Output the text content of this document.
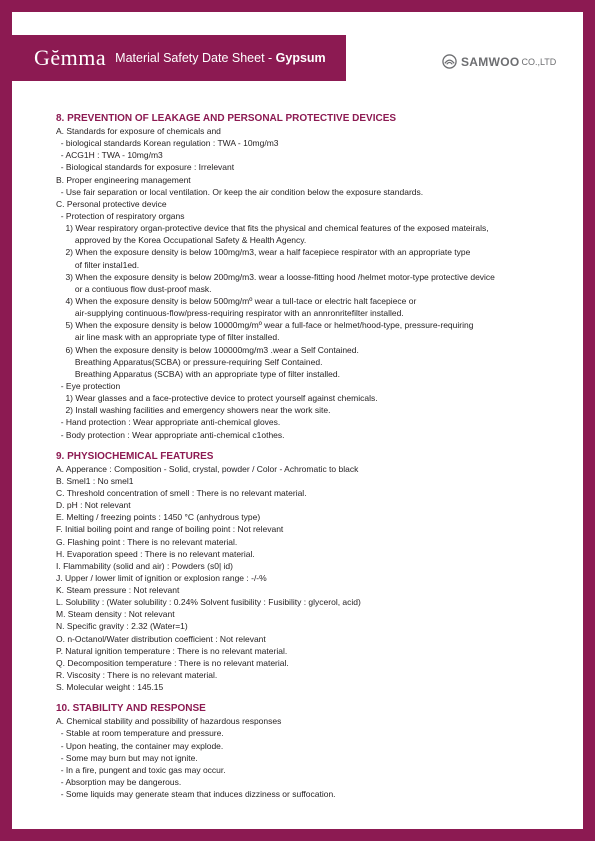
Gĕmma Material Safety Date Sheet - Gypsum	SAMWOO CO.,LTD
8. PREVENTION OF LEAKAGE AND PERSONAL PROTECTIVE DEVICES
A. Standards for exposure of chemicals and
- biological standards Korean regulation : TWA - 10mg/m3
- ACG1H : TWA - 10mg/m3
- Biological standards for exposure : Irrelevant
B. Proper engineering management
- Use fair separation or local ventilation. Or keep the air condition below the exposure standards.
C. Personal protective device
- Protection of respiratory organs
1) Wear respiratory organ-protective device that fits the physical and chemical features of the exposed mateirals,
approved by the Korea Occupational Safety & Health Agency.
2) When the exposure density is below 100mg/m3, wear a half facepiece respirator with an appropriate type
of filter instal1ed.
3) When the exposure density is below 200mg/m3. wear a loosse-fitting hood /helmet motor-type protective device
or a contiuous flow dust-proof mask.
4) When the exposure density is below 500mg/mº wear a tull-tace or electric halt facepiece or
air-supplying continuous-flow/press-requiring respirator with an annronritefilter installed.
5) When the exposure density is below 10000mg/mº wear a full-face or helmet/hood-type, pressure-requiring
air line mask with an appropriate type of filter installed.
6) When the exposure density is below 100000mg/m3 .wear a Self Contained.
Breathing Apparatus(SCBA) or pressure-requiring Self Contained.
Breathing Apparatus (SCBA) with an appropriate type of filter installed.
- Eye protection
1) Wear glasses and a face-protective device to protect yourself against chemicals.
2) Install washing facilities and emergency showers near the work site.
- Hand protection : Wear appropriate anti-chemical gloves.
- Body protection : Wear appropriate anti-chemical c1othes.
9. PHYSIOCHEMICAL FEATURES
A. Apperance : Composition - Solid, crystal, powder / Color - Achromatic to black
B. Smel1 : No smel1
C. Threshold concentration of smell : There is no relevant material.
D. pH : Not relevant
E. Melting / freezing points : 1450 °C (anhydrous type)
F. Initial boiling point and range of boiling point : Not relevant
G. Flashing point : There is no relevant material.
H. Evaporation speed : There is no relevant material.
I. Flammability (solid and air) : Powders (s0| id)
J. Upper / lower limit of ignition or explosion range : -/-%
K. Steam pressure : Not relevant
L. Solubility : (Water solubility : 0.24% Solvent fusibility : Fusibility : glycerol, acid)
M. Steam density : Not relevant
N. Specific gravity : 2.32 (Water=1)
O. n-Octanol/Water distribution coefficient : Not relevant
P. Natural ignition temperature : There is no relevant material.
Q. Decomposition temperature : There is no relevant material.
R. Viscosity : There is no relevant material.
S. Molecular weight : 145.15
10. STABILITY AND RESPONSE
A. Chemical stability and possibility of hazardous responses
- Stable at room temperature and pressure.
- Upon heating, the container may explode.
- Some may burn but may not ignite.
- In a fire, pungent and toxic gas may occur.
- Absorption may be dangerous.
- Some liquids may generate steam that induces dizziness or suffocation.
